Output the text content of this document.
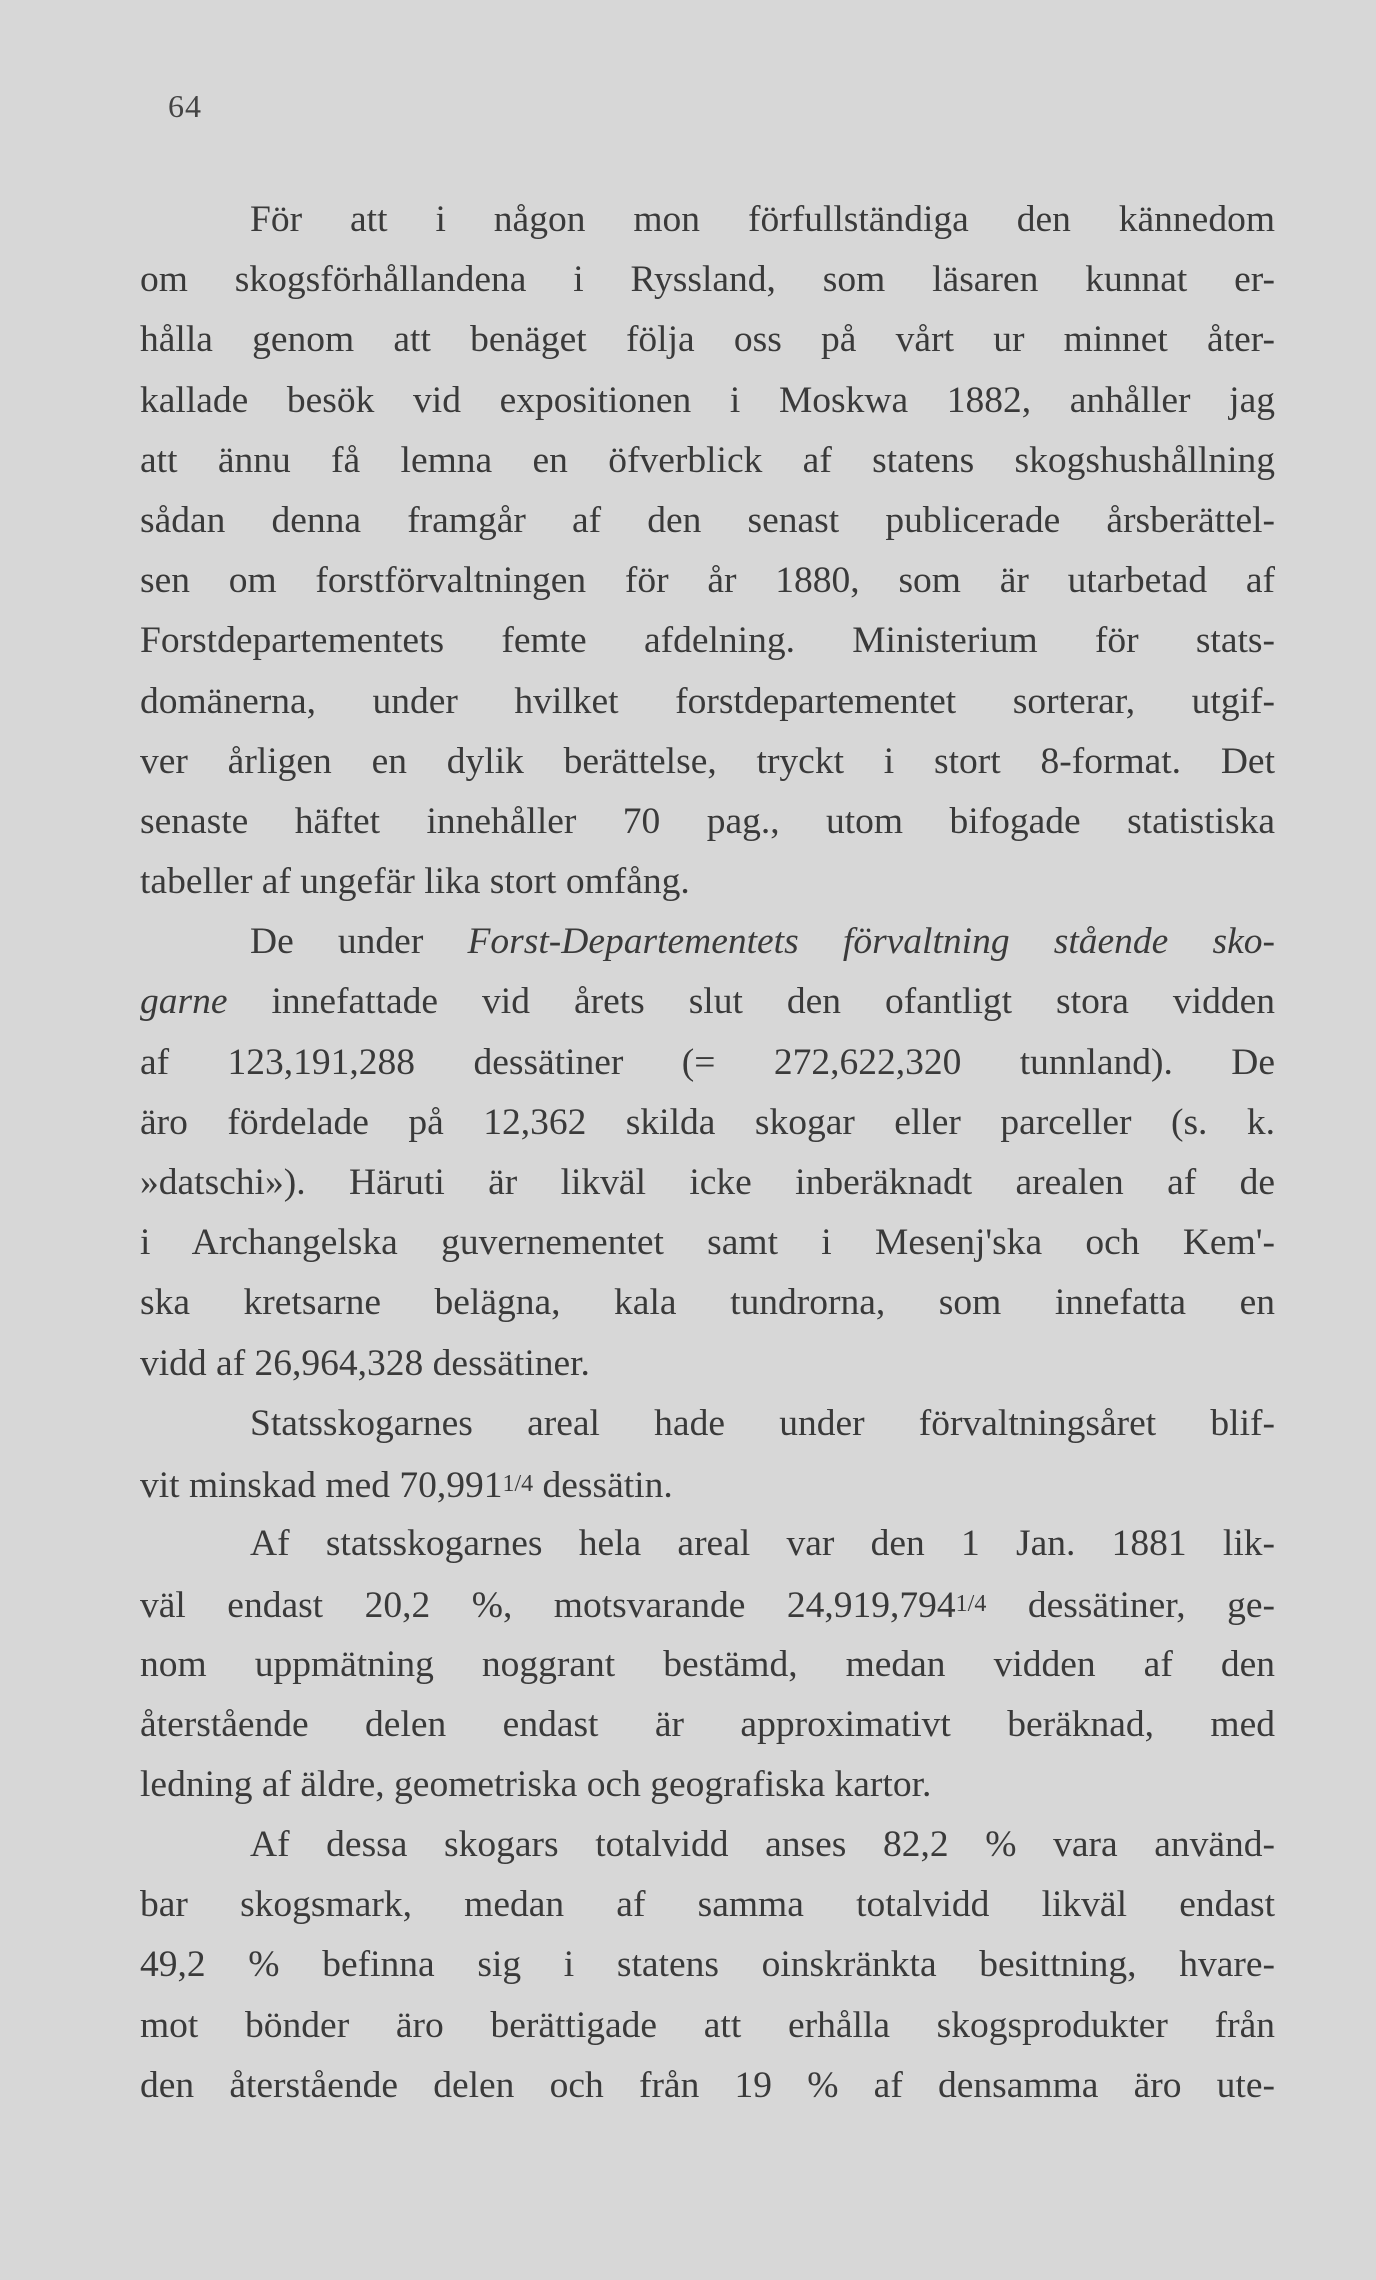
64
För att i någon mon förfullständiga den kännedom
om skogsförhållandena i Ryssland, som läsaren kunnat er-
hålla genom att benäget följa oss på vårt ur minnet åter-
kallade besök vid expositionen i Moskwa 1882, anhåller jag
att ännu få lemna en öfverblick af statens skogshushållning
sådan denna framgår af den senast publicerade årsberättel-
sen om forstförvaltningen för år 1880, som är utarbetad af
Forstdepartementets femte afdelning. Ministerium för stats-
domänerna, under hvilket forstdepartementet sorterar, utgif-
ver årligen en dylik berättelse, tryckt i stort 8-format. Det
senaste häftet innehåller 70 pag., utom bifogade statistiska
tabeller af ungefär lika stort omfång.
De under Forst-Departementets förvaltning stående sko-
garne innefattade vid årets slut den ofantligt stora vidden
af 123,191,288 dessätiner (= 272,622,320 tunnland). De
äro fördelade på 12,362 skilda skogar eller parceller (s. k.
»datschi»). Häruti är likväl icke inberäknadt arealen af de
i Archangelska guvernementet samt i Mesenj'ska och Kem'-
ska kretsarne belägna, kala tundrorna, som innefatta en
vidd af 26,964,328 dessätiner.
Statsskogarnes areal hade under förvaltningsåret blif-
vit minskad med 70,9911/4 dessätin.
Af statsskogarnes hela areal var den 1 Jan. 1881 lik-
väl endast 20,2 %, motsvarande 24,919,7941/4 dessätiner, ge-
nom uppmätning noggrant bestämd, medan vidden af den
återstående delen endast är approximativt beräknad, med
ledning af äldre, geometriska och geografiska kartor.
Af dessa skogars totalvidd anses 82,2 % vara använd-
bar skogsmark, medan af samma totalvidd likväl endast
49,2 % befinna sig i statens oinskränkta besittning, hvare-
mot bönder äro berättigade att erhålla skogsprodukter från
den återstående delen och från 19 % af densamma äro ute-
